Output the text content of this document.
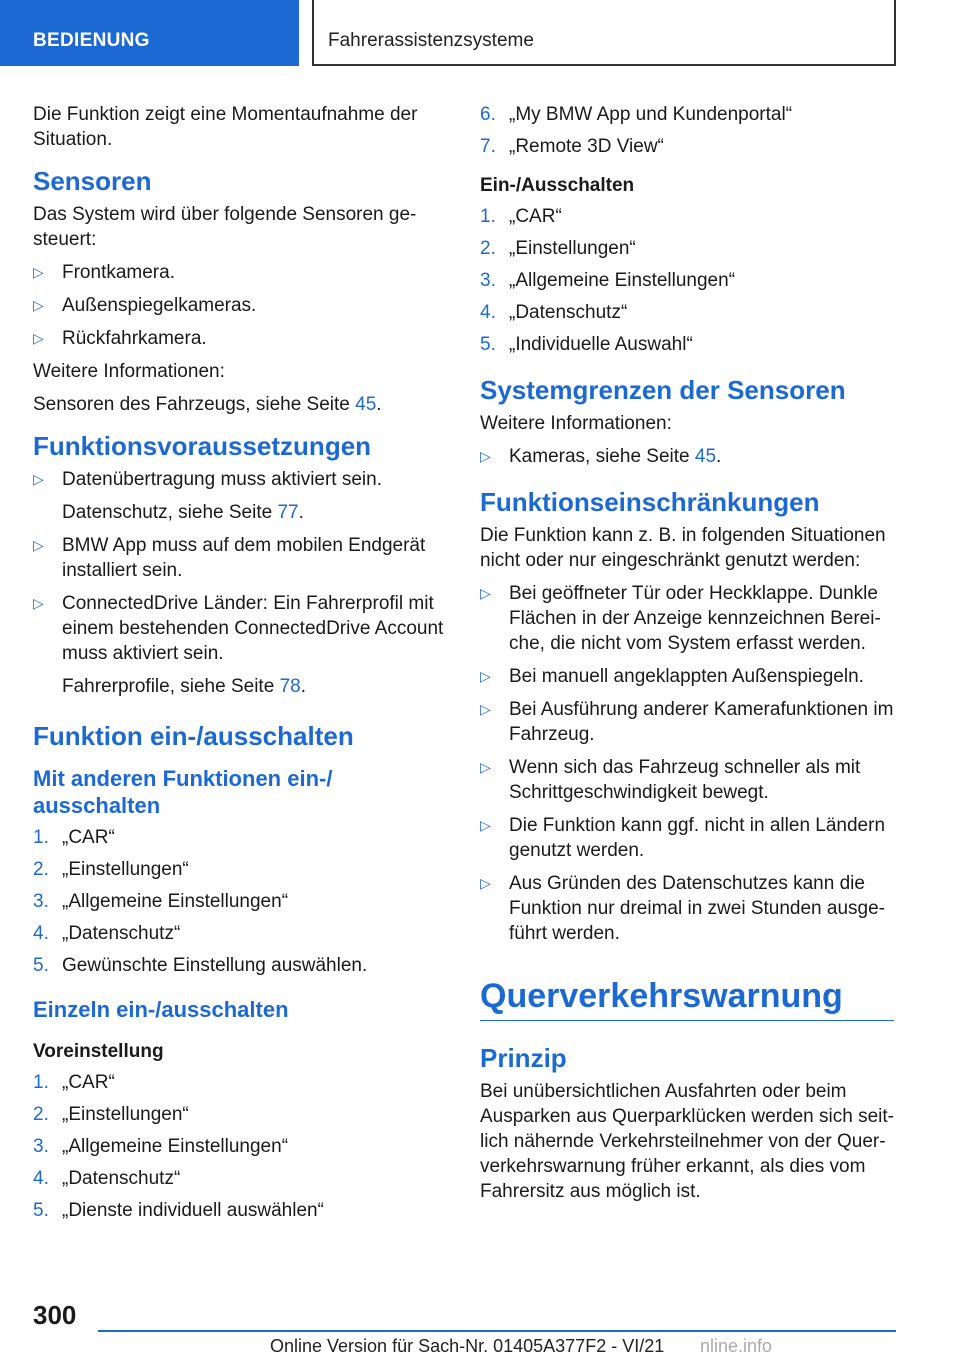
BEDIENUNG	Fahrerassistenzsysteme

Die Funktion zeigt eine Momentaufnahme der Situation.

Sensoren

Das System wird über folgende Sensoren gesteuert:

▷ Frontkamera.
▷ Außenspiegelkameras.
▷ Rückfahrkamera.

Weitere Informationen:

Sensoren des Fahrzeugs, siehe Seite 45.

Funktionsvoraussetzungen
▷ Datenübertragung muss aktiviert sein.
Datenschutz, siehe Seite 77.
▷ BMW App muss auf dem mobilen Endgerät installiert sein.
▷ ConnectedDrive Länder: Ein Fahrerprofil mit einem bestehenden ConnectedDrive Account muss aktiviert sein.
Fahrerprofile, siehe Seite 78.
Funktion ein-/ausschalten
Mit anderen Funktionen ein-/ ausschalten
1. „CAR“
2. „Einstellungen“
3. „Allgemeine Einstellungen“
4. „Datenschutz“
5. Gewünschte Einstellung auswählen.
Einzeln ein-/ausschalten
Voreinstellung
1. „CAR“
2. „Einstellungen“
3. „Allgemeine Einstellungen“
4. „Datenschutz“
5. „Dienste individuell auswählen“
6. „My BMW App und Kundenportal“
7. „Remote 3D View“
Ein-/Ausschalten
1. „CAR“
2. „Einstellungen“
3. „Allgemeine Einstellungen“
4. „Datenschutz“
5. „Individuelle Auswahl“
Systemgrenzen der Sensoren

Weitere Informationen:

▷ Kameras, siehe Seite 45.
Funktionseinschränkungen

Die Funktion kann z. B. in folgenden Situationen nicht oder nur eingeschränkt genutzt werden:

▷ Bei geöffneter Tür oder Heckklappe. Dunkle Flächen in der Anzeige kennzeichnen Bereiche, die nicht vom System erfasst werden.
▷ Bei manuell angeklappten Außenspiegeln.
▷ Bei Ausführung anderer Kamerafunktionen im Fahrzeug.
▷ Wenn sich das Fahrzeug schneller als mit Schrittgeschwindigkeit bewegt.
▷ Die Funktion kann ggf. nicht in allen Ländern genutzt werden.
▷ Aus Gründen des Datenschutzes kann die Funktion nur dreimal in zwei Stunden ausgeführt werden.
Querverkehrswarnung
Prinzip

Bei unübersichtlichen Ausfahrten oder beim Ausparken aus Querparklücken werden sich seitlich nähernde Verkehrsteilnehmer von der Querverkehrswarnung früher erkannt, als dies vom Fahrersitz aus möglich ist.

300
Online Version für Sach-Nr. 01405A377F2 - VI/21 nline.info
